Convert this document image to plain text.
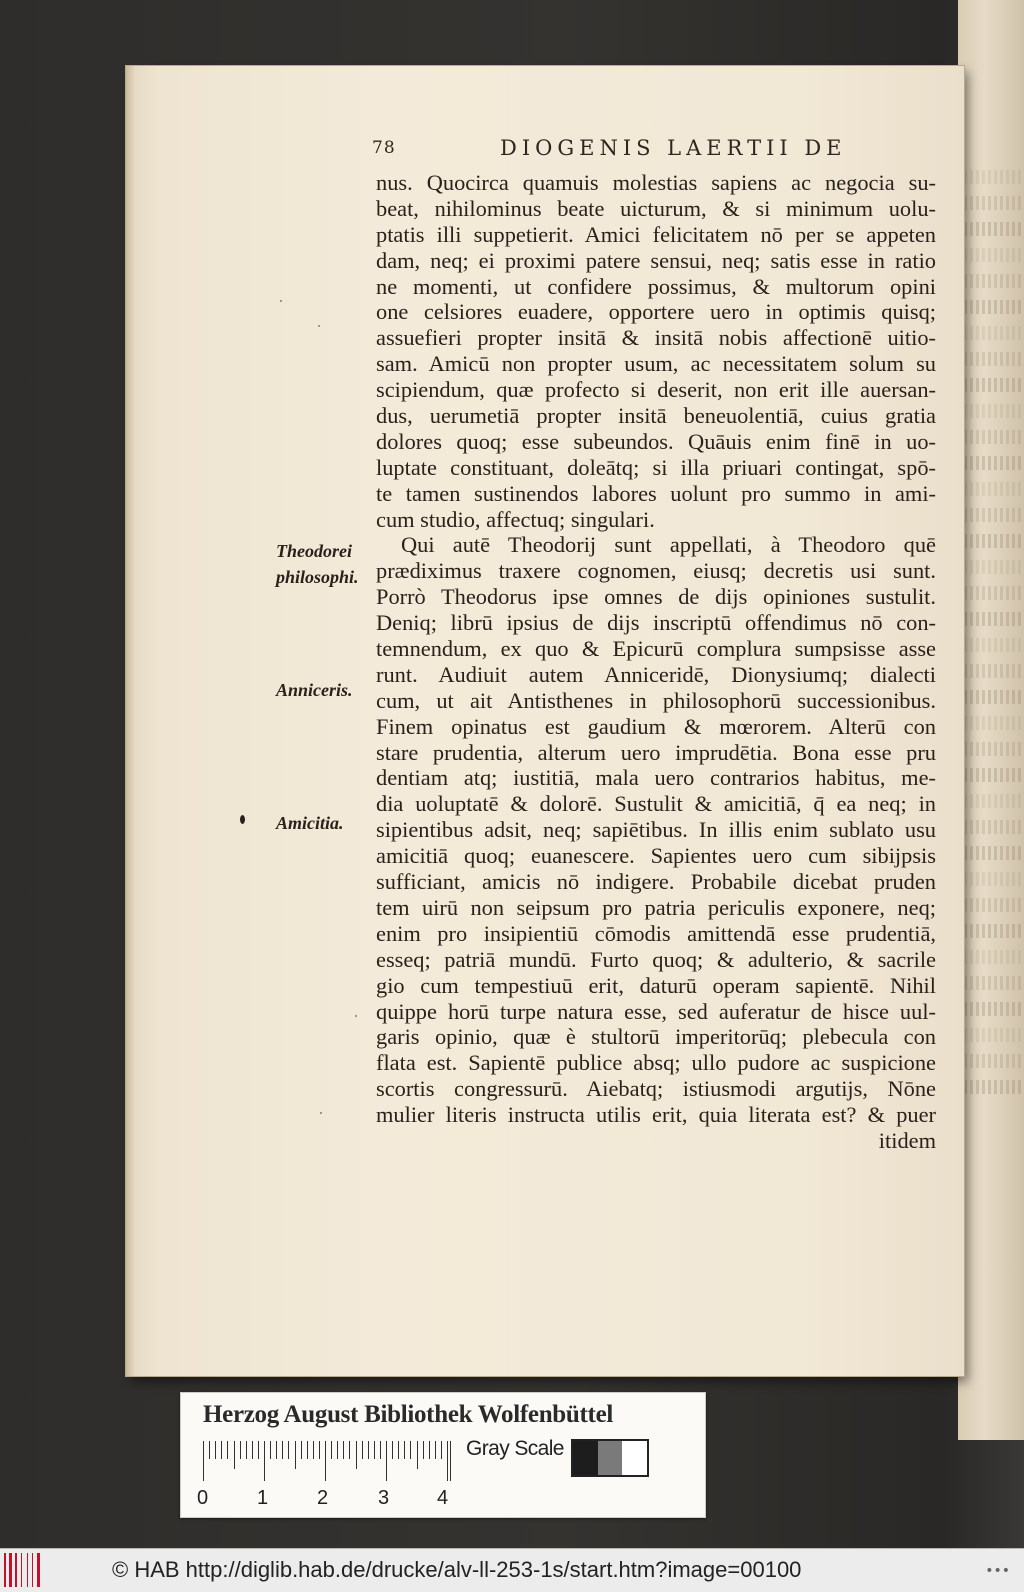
78	DIOGENIS LAERTII DE
nus. Quocirca quamuis molestias sapiens ac negocia su-
beat, nihilominus beate uicturum, & si minimum uolu-
ptatis illi suppetierit. Amici felicitatem nō per se appeten
dam, neq; ei proximi patere sensui, neq; satis esse in ratio
ne momenti, ut confidere possimus, & multorum opini
one celsiores euadere, opportere uero in optimis quisq;
assuefieri propter insitā & insitā nobis affectionē uitio-
sam. Amicū non propter usum, ac necessitatem solum su
scipiendum, quæ profecto si deserit, non erit ille auersan-
dus, uerumetiā propter insitā beneuolentiā, cuius gratia
dolores quoq; esse subeundos. Quāuis enim finē in uo-
luptate constituant, doleātq; si illa priuari contingat, spō-
te tamen sustinendos labores uolunt pro summo in ami-
cum studio, affectuq; singulari.
Qui autē Theodorij sunt appellati, à Theodoro quē
prædiximus traxere cognomen, eiusq; decretis usi sunt.
Porrò Theodorus ipse omnes de dijs opiniones sustulit.
Deniq; librū ipsius de dijs inscriptū offendimus nō con-
temnendum, ex quo & Epicurū complura sumpsisse asse
runt. Audiuit autem Anniceridē, Dionysiumq; dialecti
cum, ut ait Antisthenes in philosophorū successionibus.
Finem opinatus est gaudium & mœrorem. Alterū con
stare prudentia, alterum uero imprudētia. Bona esse pru
dentiam atq; iustitiā, mala uero contrarios habitus, me-
dia uoluptatē & dolorē. Sustulit & amicitiā, q̄ ea neq; in
sipientibus adsit, neq; sapiētibus. In illis enim sublato usu
amicitiā quoq; euanescere. Sapientes uero cum sibijpsis
sufficiant, amicis nō indigere. Probabile dicebat pruden
tem uirū non seipsum pro patria periculis exponere, neq;
enim pro insipientiū cōmodis amittendā esse prudentiā,
esseq; patriā mundū. Furto quoq; & adulterio, & sacrile
gio cum tempestiuū erit, daturū operam sapientē. Nihil
quippe horū turpe natura esse, sed auferatur de hisce uul-
garis opinio, quæ è stultorū imperitorūq; plebecula con
flata est. Sapientē publice absq; ullo pudore ac suspicione
scortis congressurū. Aiebatq; istiusmodi argutijs, Nōne
mulier literis instructa utilis erit, quia literata est? & puer
itidem
Theodorei
philosophi.
Anniceris.
Amicitia.
Herzog August Bibliothek Wolfenbüttel
0 1 2 3 4
Gray Scale
© HAB http://diglib.hab.de/drucke/alv-ll-253-1s/start.htm?image=00100	•••
